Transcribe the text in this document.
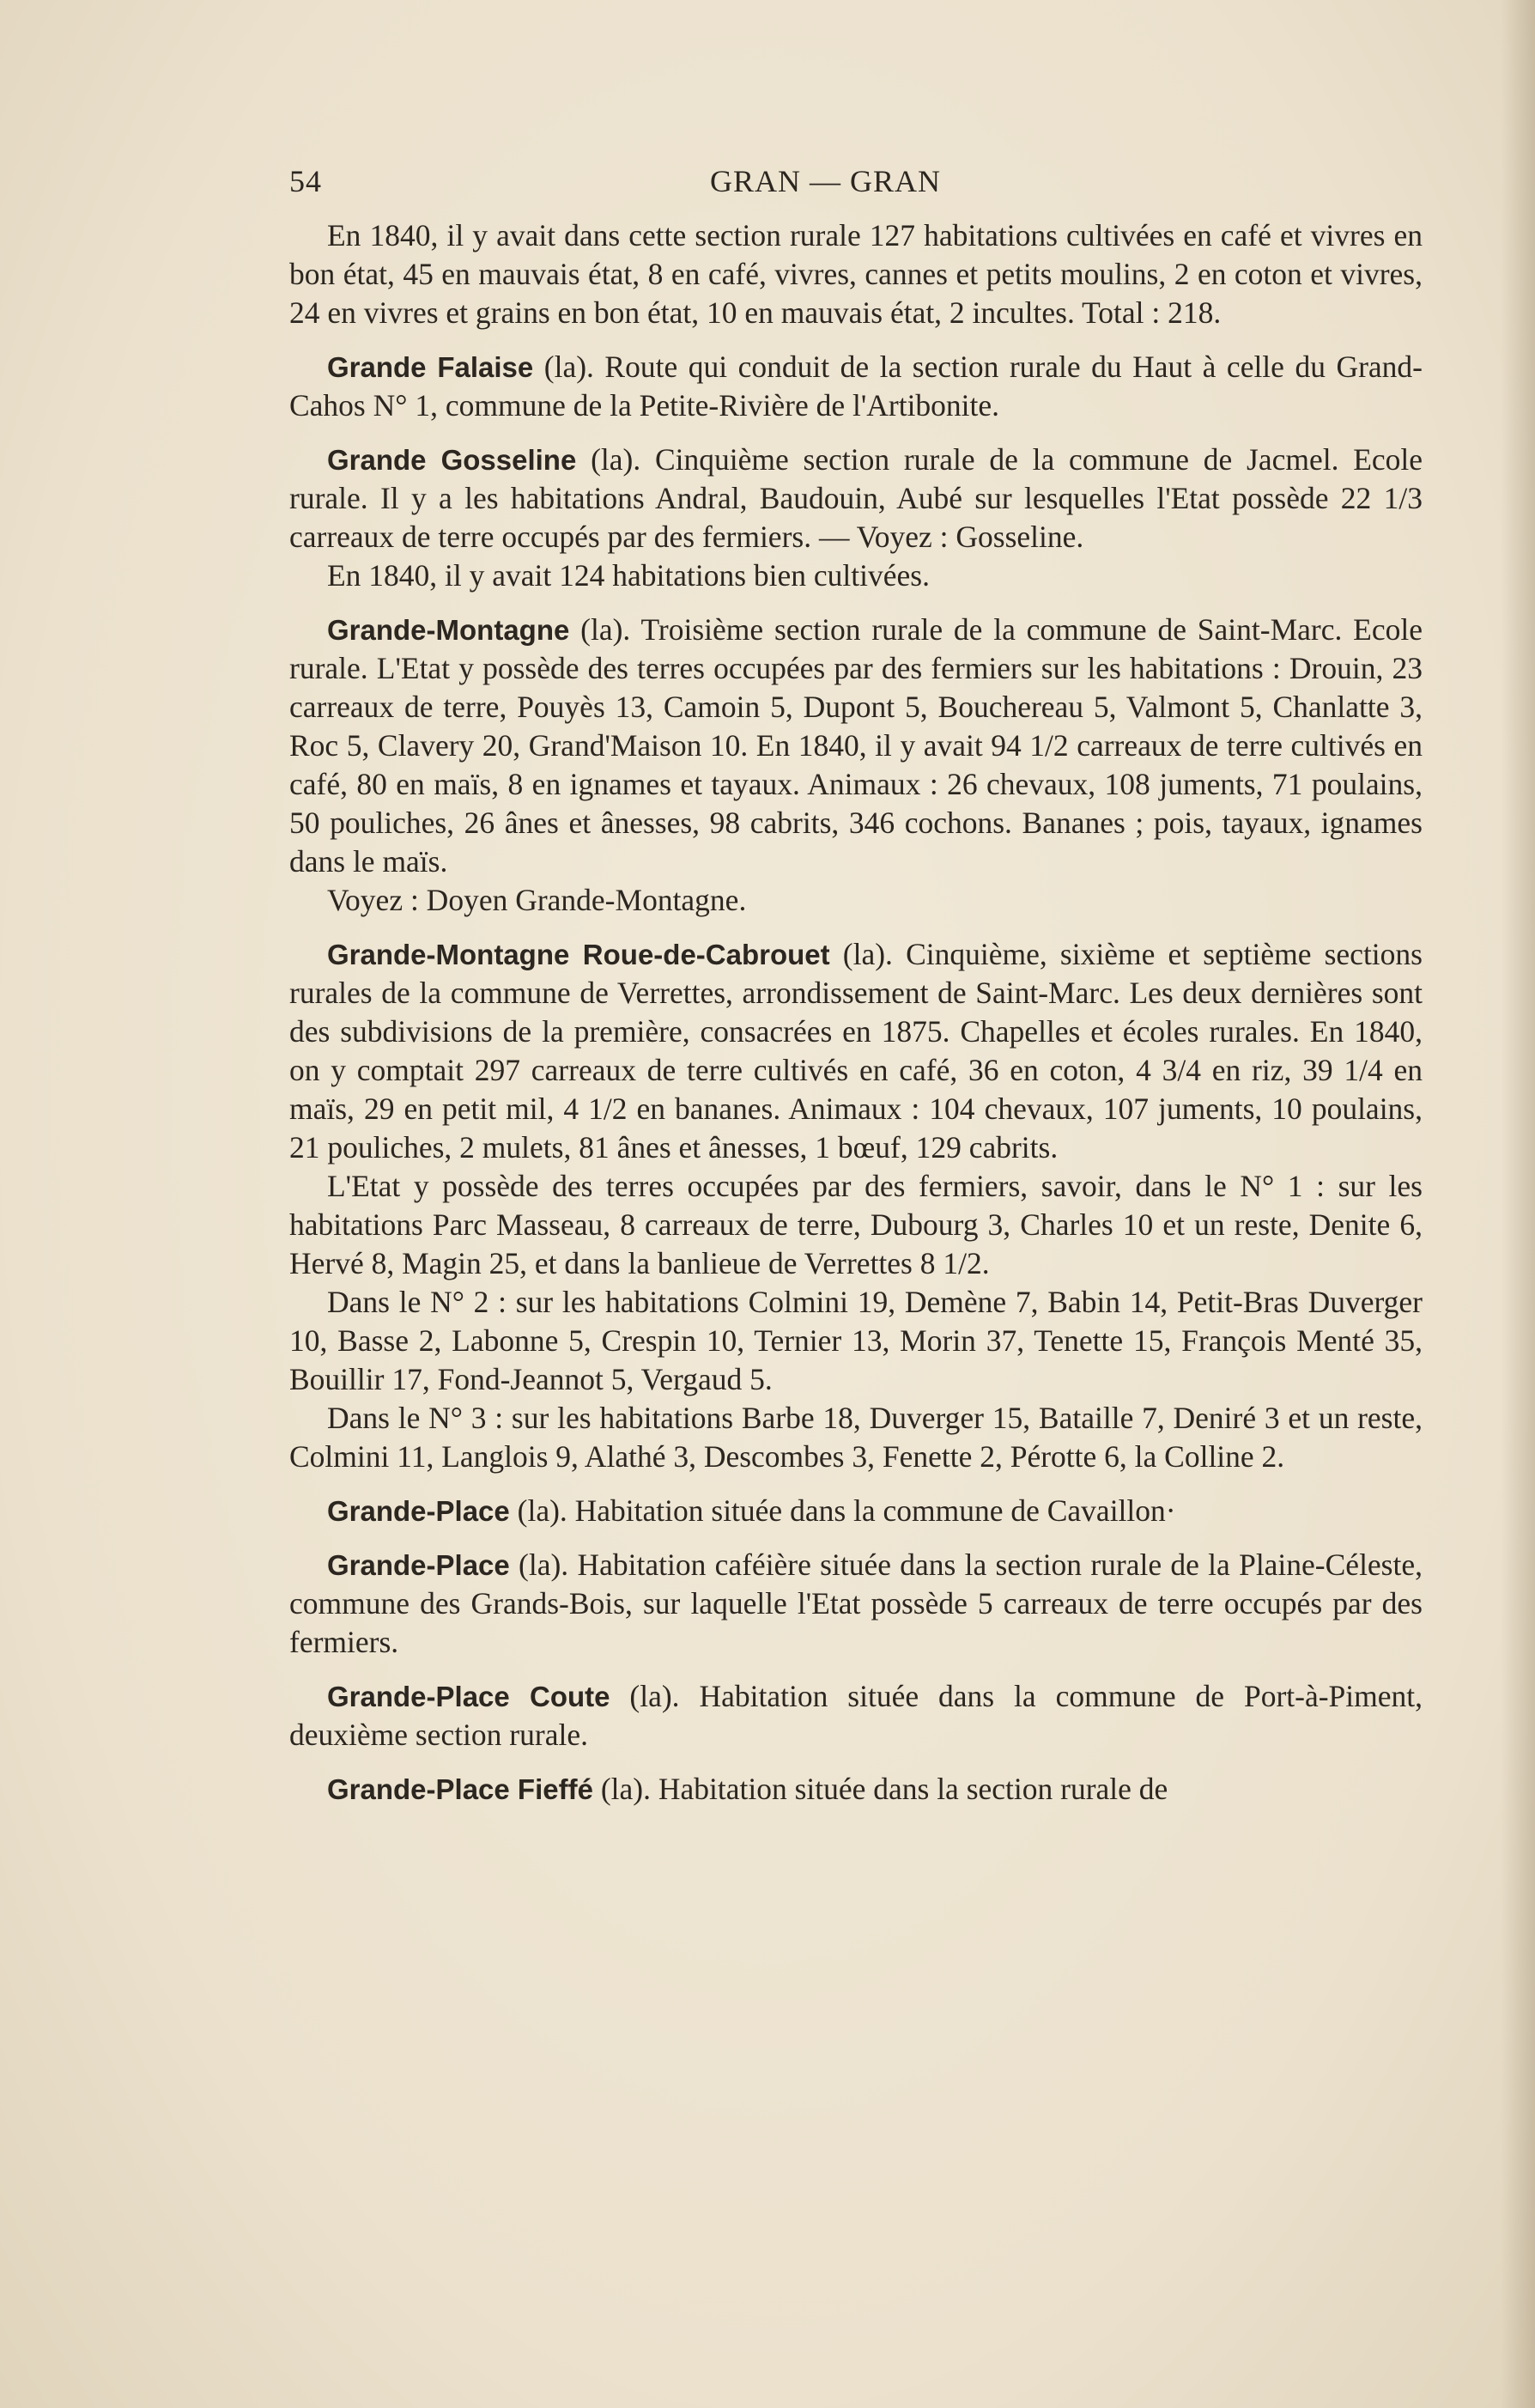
54	GRAN — GRAN

En 1840, il y avait dans cette section rurale 127 habitations cultivées en café et vivres en bon état, 45 en mauvais état, 8 en café, vivres, cannes et petits moulins, 2 en coton et vivres, 24 en vivres et grains en bon état, 10 en mauvais état, 2 incultes. Total : 218.

Grande Falaise (la). Route qui conduit de la section rurale du Haut à celle du Grand-Cahos N° 1, commune de la Petite-Rivière de l'Artibonite.

Grande Gosseline (la). Cinquième section rurale de la commune de Jacmel. Ecole rurale. Il y a les habitations Andral, Baudouin, Aubé sur lesquelles l'Etat possède 22 1/3 carreaux de terre occupés par des fermiers. — Voyez : Gosseline.

En 1840, il y avait 124 habitations bien cultivées.

Grande-Montagne (la). Troisième section rurale de la commune de Saint-Marc. Ecole rurale. L'Etat y possède des terres occupées par des fermiers sur les habitations : Drouin, 23 carreaux de terre, Pouyès 13, Camoin 5, Dupont 5, Bouchereau 5, Valmont 5, Chanlatte 3, Roc 5, Clavery 20, Grand'Maison 10. En 1840, il y avait 94 1/2 carreaux de terre cultivés en café, 80 en maïs, 8 en ignames et tayaux. Animaux : 26 chevaux, 108 juments, 71 poulains, 50 pouliches, 26 ânes et ânesses, 98 cabrits, 346 cochons. Bananes ; pois, tayaux, ignames dans le maïs.

Voyez : Doyen Grande-Montagne.

Grande-Montagne Roue-de-Cabrouet (la). Cinquième, sixième et septième sections rurales de la commune de Verrettes, arrondissement de Saint-Marc. Les deux dernières sont des subdivisions de la première, consacrées en 1875. Chapelles et écoles rurales. En 1840, on y comptait 297 carreaux de terre cultivés en café, 36 en coton, 4 3/4 en riz, 39 1/4 en maïs, 29 en petit mil, 4 1/2 en bananes. Animaux : 104 chevaux, 107 juments, 10 poulains, 21 pouliches, 2 mulets, 81 ânes et ânesses, 1 bœuf, 129 cabrits.

L'Etat y possède des terres occupées par des fermiers, savoir, dans le N° 1 : sur les habitations Parc Masseau, 8 carreaux de terre, Dubourg 3, Charles 10 et un reste, Denite 6, Hervé 8, Magin 25, et dans la banlieue de Verrettes 8 1/2.

Dans le N° 2 : sur les habitations Colmini 19, Demène 7, Babin 14, Petit-Bras Duverger 10, Basse 2, Labonne 5, Crespin 10, Ternier 13, Morin 37, Tenette 15, François Menté 35, Bouillir 17, Fond-Jeannot 5, Vergaud 5.

Dans le N° 3 : sur les habitations Barbe 18, Duverger 15, Bataille 7, Deniré 3 et un reste, Colmini 11, Langlois 9, Alathé 3, Descombes 3, Fenette 2, Pérotte 6, la Colline 2.

Grande-Place (la). Habitation située dans la commune de Cavaillon·

Grande-Place (la). Habitation caféière située dans la section rurale de la Plaine-Céleste, commune des Grands-Bois, sur laquelle l'Etat possède 5 carreaux de terre occupés par des fermiers.

Grande-Place Coute (la). Habitation située dans la commune de Port-à-Piment, deuxième section rurale.

Grande-Place Fieffé (la). Habitation située dans la section rurale de
